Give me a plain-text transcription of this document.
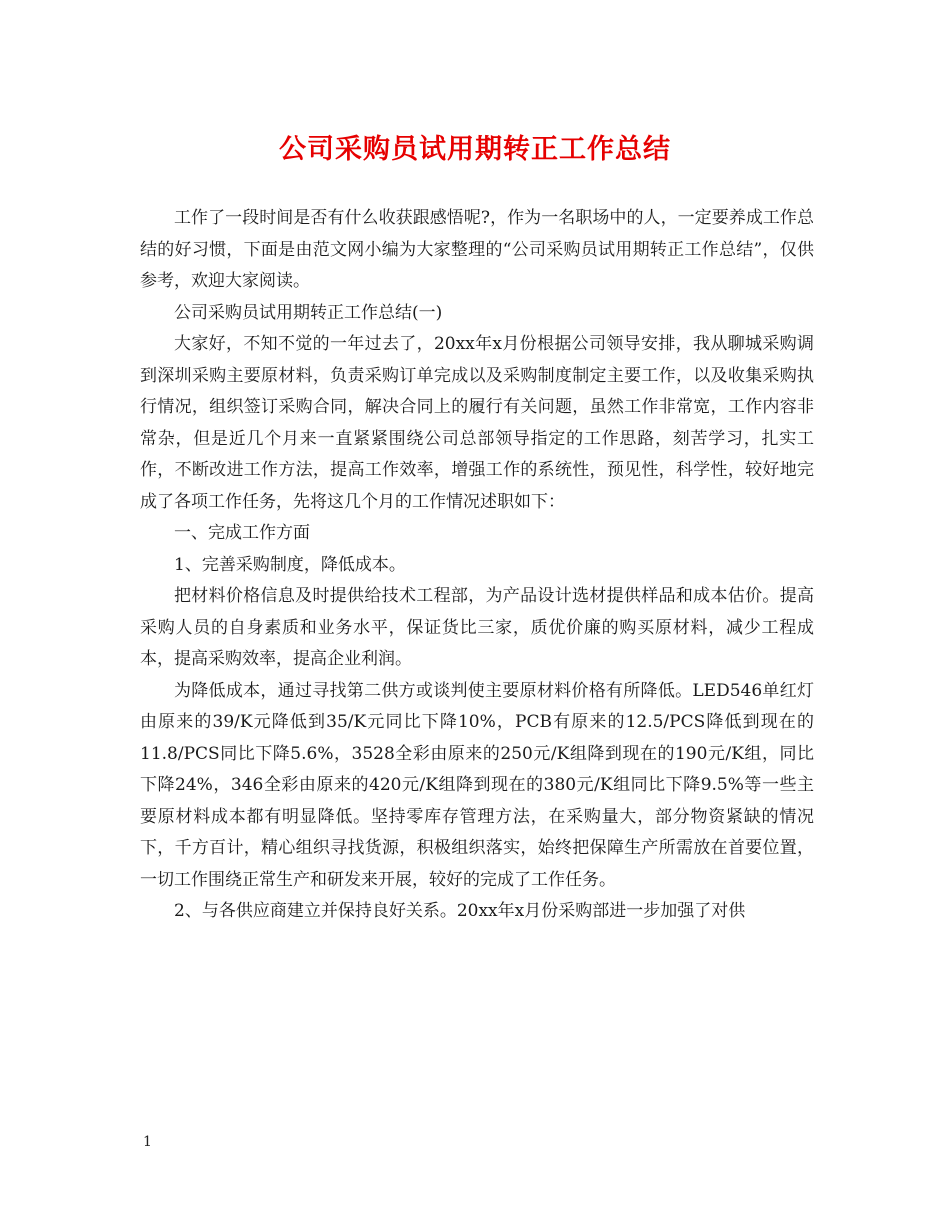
公司采购员试用期转正工作总结

工作了一段时间是否有什么收获跟感悟呢?，作为一名职场中的人，一定要养成工作总结的好习惯，下面是由范文网小编为大家整理的“公司采购员试用期转正工作总结”，仅供参考，欢迎大家阅读。

公司采购员试用期转正工作总结(一)

大家好，不知不觉的一年过去了，20xx年x月份根据公司领导安排，我从聊城采购调到深圳采购主要原材料，负责采购订单完成以及采购制度制定主要工作，以及收集采购执行情况，组织签订采购合同，解决合同上的履行有关问题，虽然工作非常宽，工作内容非常杂，但是近几个月来一直紧紧围绕公司总部领导指定的工作思路，刻苦学习，扎实工作，不断改进工作方法，提高工作效率，增强工作的系统性，预见性，科学性，较好地完成了各项工作任务，先将这几个月的工作情况述职如下：

一、完成工作方面

1、完善采购制度，降低成本。

把材料价格信息及时提供给技术工程部，为产品设计选材提供样品和成本估价。提高采购人员的自身素质和业务水平，保证货比三家，质优价廉的购买原材料，减少工程成本，提高采购效率，提高企业利润。

为降低成本，通过寻找第二供方或谈判使主要原材料价格有所降低。LED546单红灯由原来的39/K元降低到35/K元同比下降10%，PCB有原来的12.5/PCS降低到现在的11.8/PCS同比下降5.6%，3528全彩由原来的250元/K组降到现在的190元/K组，同比下降24%，346全彩由原来的420元/K组降到现在的380元/K组同比下降9.5%等一些主要原材料成本都有明显降低。坚持零库存管理方法，在采购量大，部分物资紧缺的情况下，千方百计，精心组织寻找货源，积极组织落实，始终把保障生产所需放在首要位置，一切工作围绕正常生产和研发来开展，较好的完成了工作任务。

2、与各供应商建立并保持良好关系。20xx年x月份采购部进一步加强了对供

1
